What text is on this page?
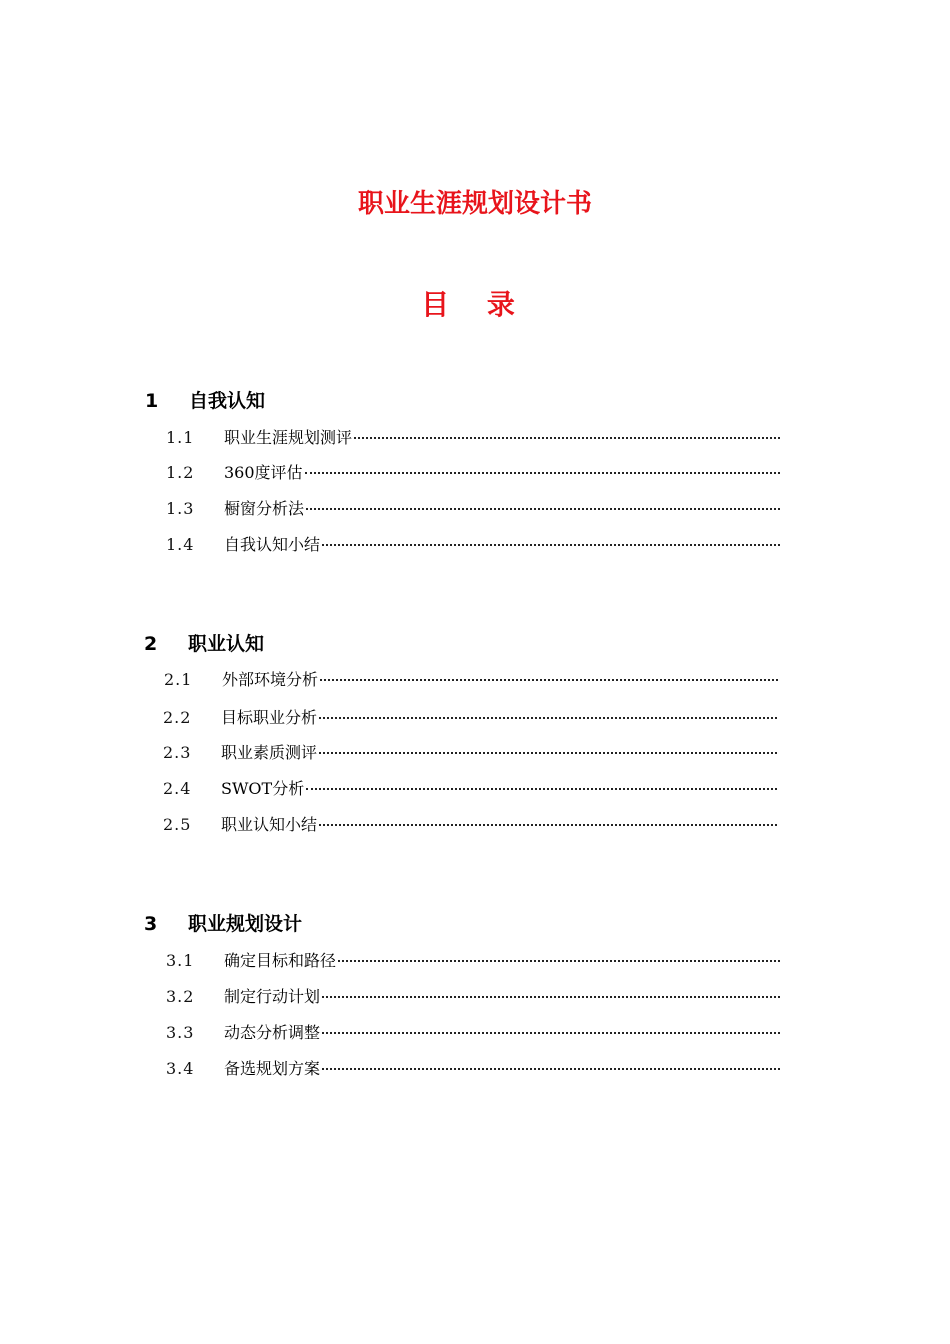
职业生涯规划设计书
目 录
1 自我认知
1.1	职业生涯规划测评
1.2	360度评估
1.3	橱窗分析法
1.4	自我认知小结
2 职业认知
2.1	外部环境分析
2.2	目标职业分析
2.3	职业素质测评
2.4	SWOT分析
2.5	职业认知小结
3 职业规划设计
3.1	确定目标和路径
3.2	制定行动计划
3.3	动态分析调整
3.4	备选规划方案
